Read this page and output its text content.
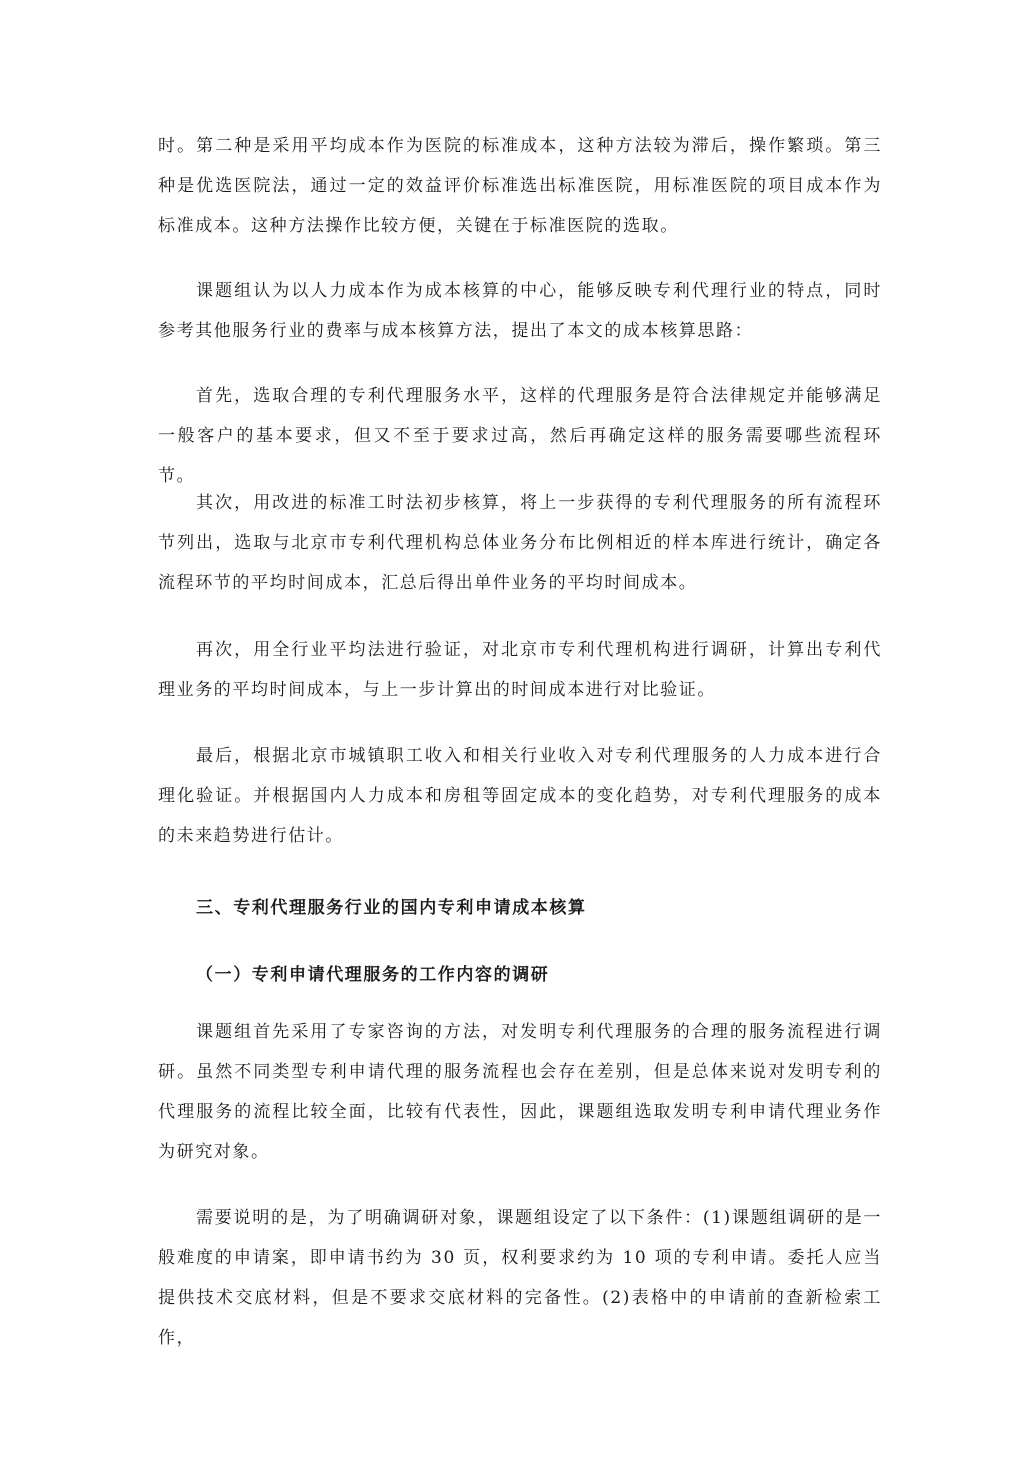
时。第二种是采用平均成本作为医院的标准成本，这种方法较为滞后，操作繁琐。第三种是优选医院法，通过一定的效益评价标准选出标准医院，用标准医院的项目成本作为标准成本。这种方法操作比较方便，关键在于标准医院的选取。

课题组认为以人力成本作为成本核算的中心，能够反映专利代理行业的特点，同时参考其他服务行业的费率与成本核算方法，提出了本文的成本核算思路：

首先，选取合理的专利代理服务水平，这样的代理服务是符合法律规定并能够满足一般客户的基本要求，但又不至于要求过高，然后再确定这样的服务需要哪些流程环节。

其次，用改进的标准工时法初步核算，将上一步获得的专利代理服务的所有流程环节列出，选取与北京市专利代理机构总体业务分布比例相近的样本库进行统计，确定各流程环节的平均时间成本，汇总后得出单件业务的平均时间成本。

再次，用全行业平均法进行验证，对北京市专利代理机构进行调研，计算出专利代理业务的平均时间成本，与上一步计算出的时间成本进行对比验证。

最后，根据北京市城镇职工收入和相关行业收入对专利代理服务的人力成本进行合理化验证。并根据国内人力成本和房租等固定成本的变化趋势，对专利代理服务的成本的未来趋势进行估计。

三、专利代理服务行业的国内专利申请成本核算
（一）专利申请代理服务的工作内容的调研

课题组首先采用了专家咨询的方法，对发明专利代理服务的合理的服务流程进行调研。虽然不同类型专利申请代理的服务流程也会存在差别，但是总体来说对发明专利的代理服务的流程比较全面，比较有代表性，因此，课题组选取发明专利申请代理业务作为研究对象。

需要说明的是，为了明确调研对象，课题组设定了以下条件：(1)课题组调研的是一般难度的申请案，即申请书约为 30 页，权利要求约为 10 项的专利申请。委托人应当提供技术交底材料，但是不要求交底材料的完备性。(2)表格中的申请前的查新检索工作，
